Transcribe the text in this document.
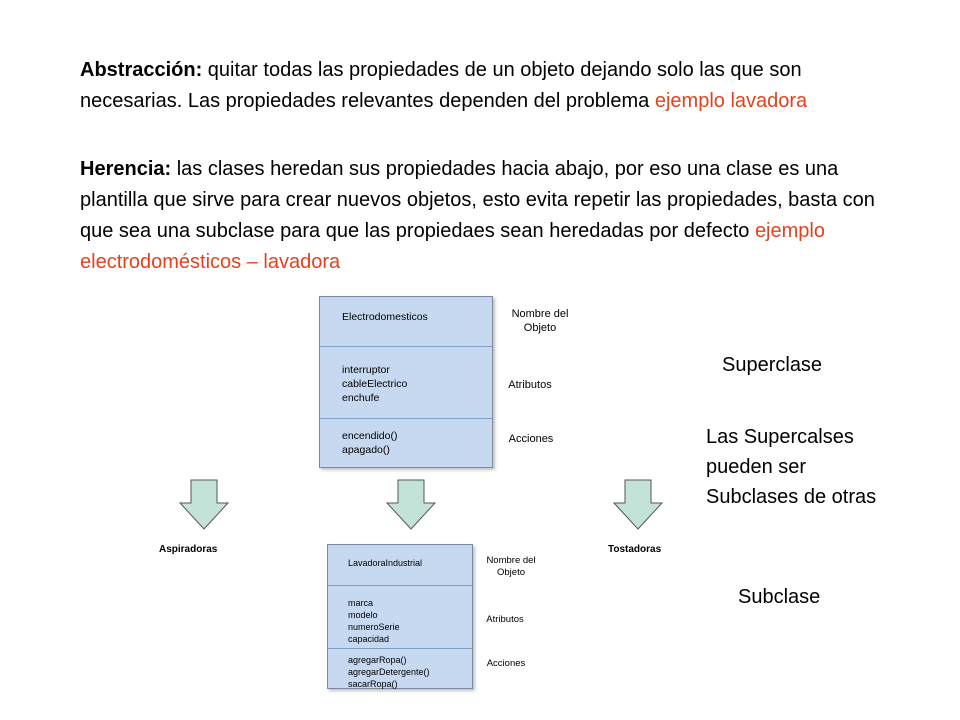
Abstracción: quitar todas las propiedades de un objeto dejando solo las que son necesarias. Las propiedades relevantes dependen del problema ejemplo lavadora
Herencia: las clases heredan sus propiedades hacia abajo, por eso una clase es una plantilla que sirve para crear nuevos objetos, esto evita repetir las propiedades, basta con que sea una subclase para que las propiedaes sean heredadas por defecto ejemplo electrodomésticos – lavadora
Electrodomesticos
interruptor
cableElectrico
enchufe
encendido()
apagado()
Nombre del
Objeto
Atributos
Acciones
Aspiradoras	Tostadoras
LavadoraIndustrial
marca
modelo
numeroSerie
capacidad
agregarRopa()
agregarDetergente()
sacarRopa()
Nombre del
Objeto
Atributos
Acciones
Superclase
Las Supercalses
pueden ser
Subclases de otras
Subclase
